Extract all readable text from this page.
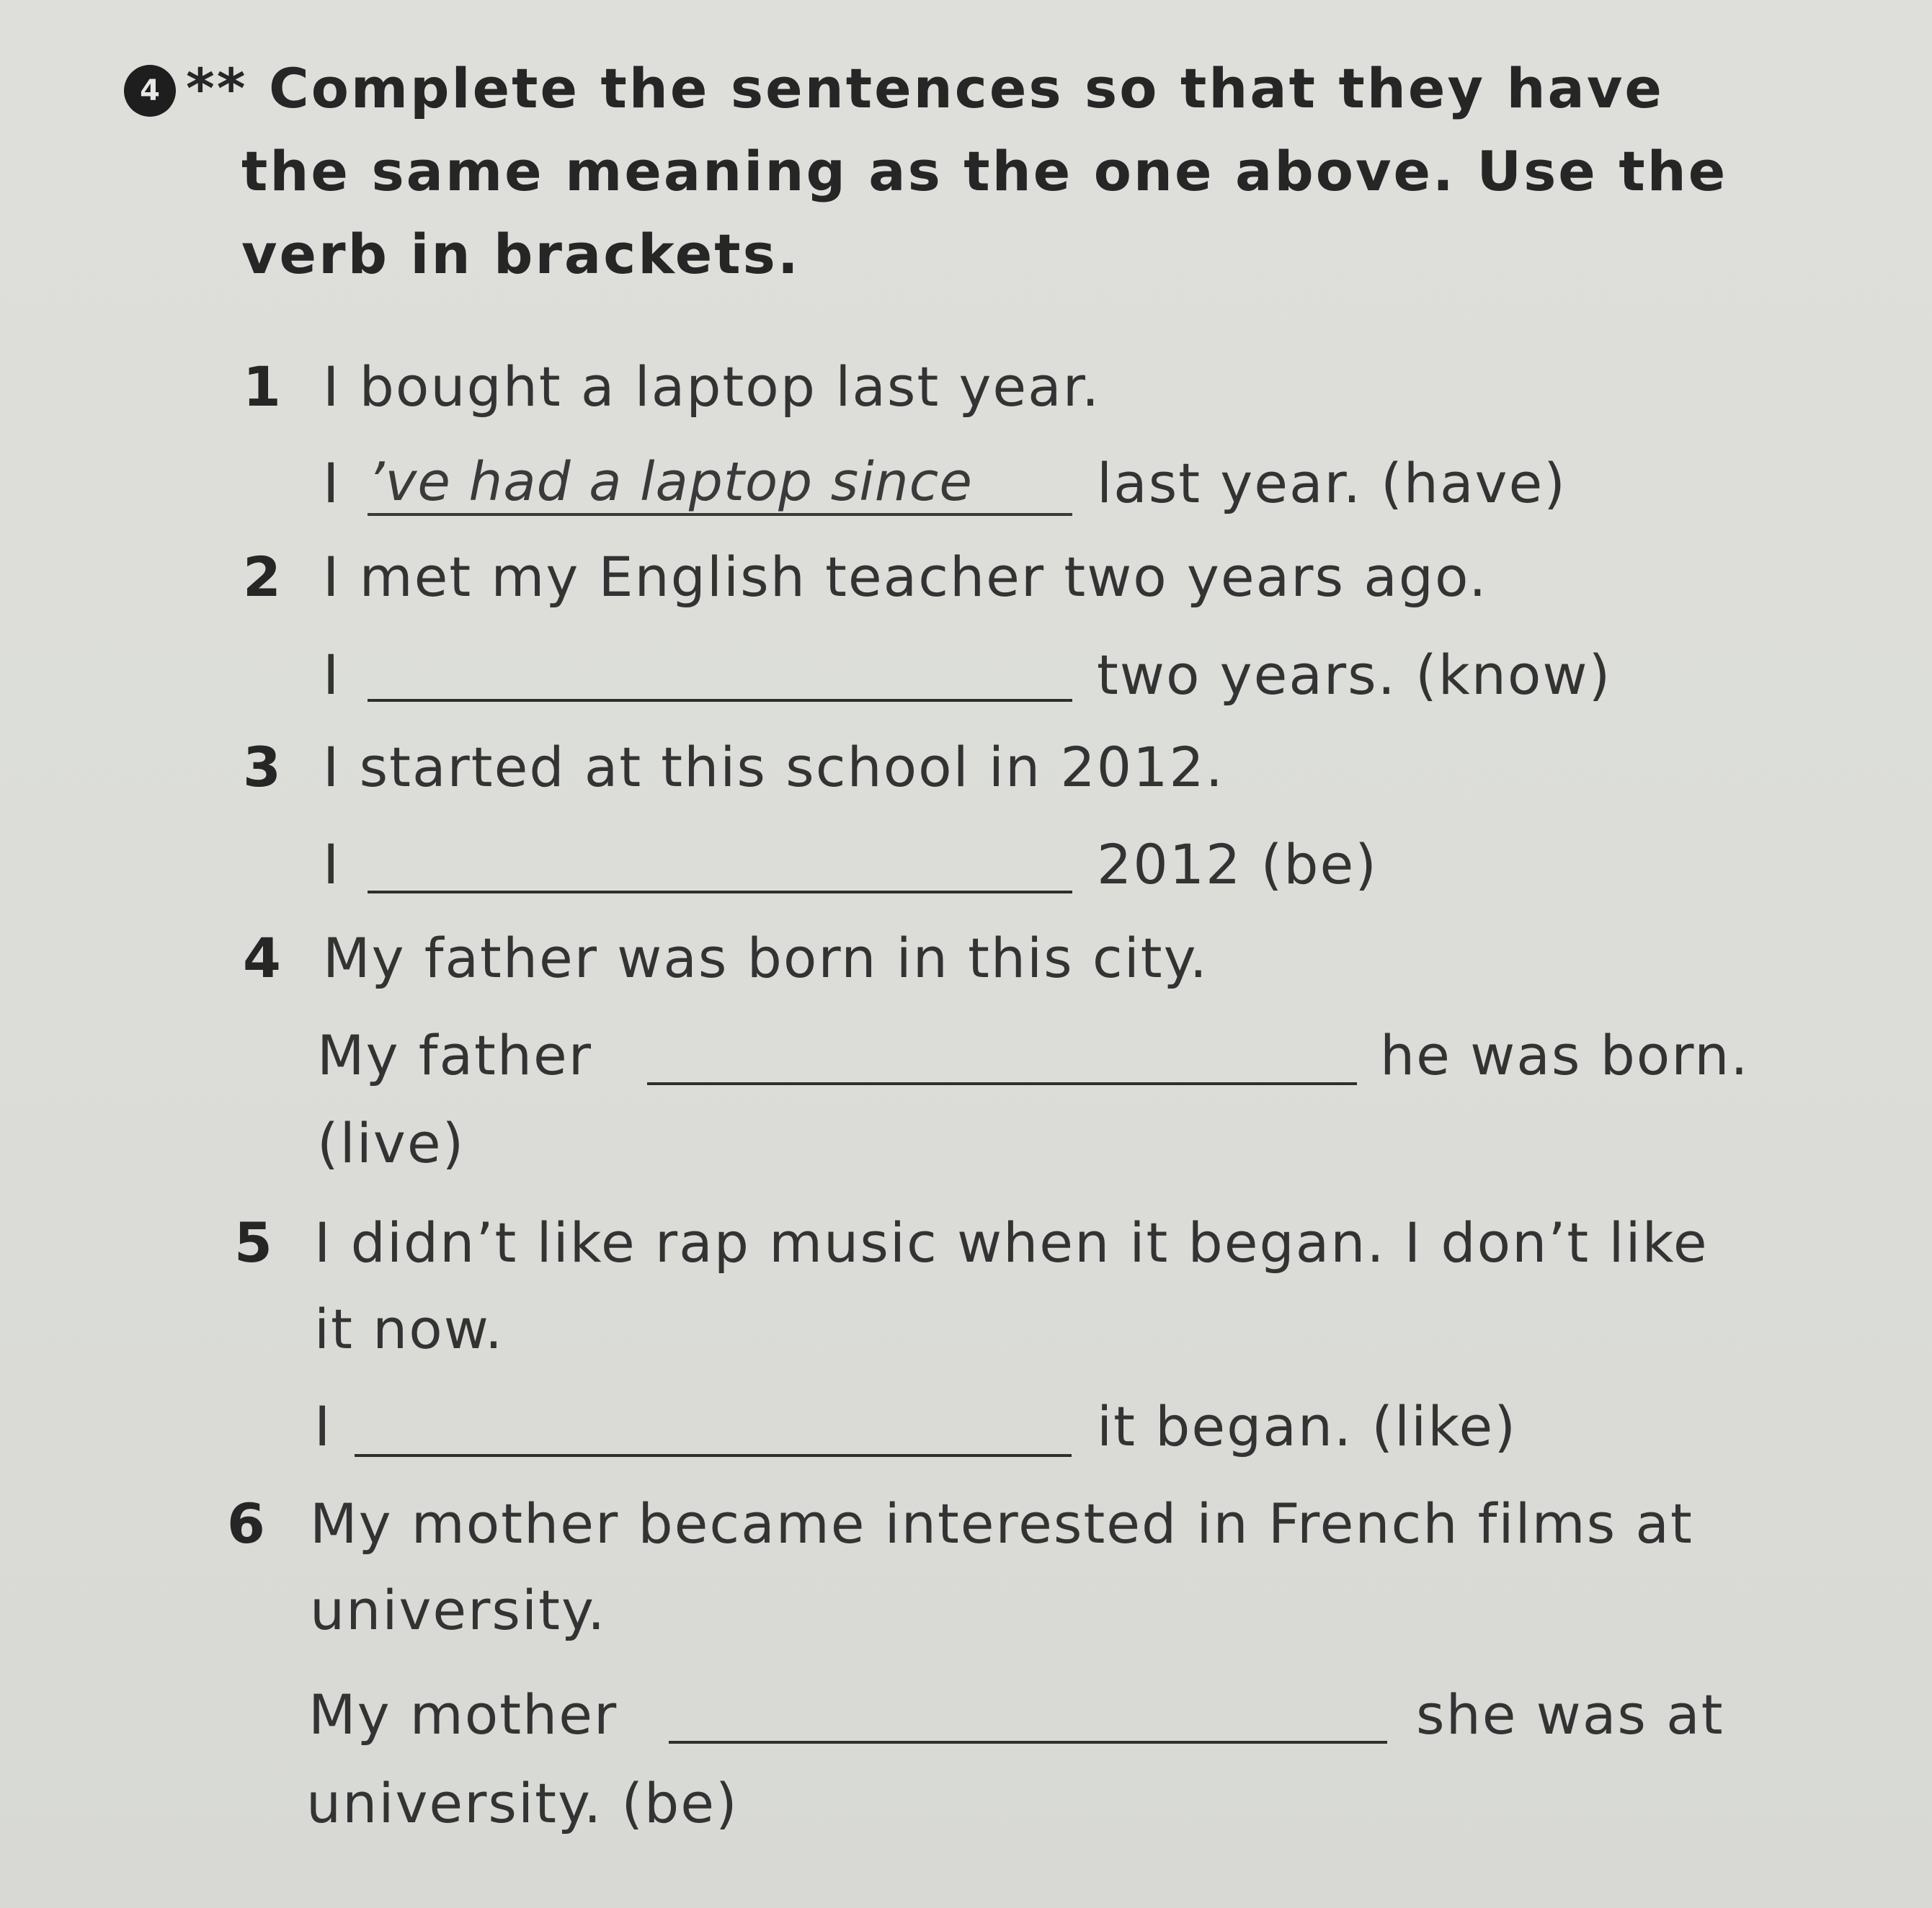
4 ** Complete the sentences so that they have
the same meaning as the one above. Use the
verb in brackets.
1 I bought a laptop last year.
I ’ve had a laptop since	last year. (have)
2 I met my English teacher two years ago.
I	two years. (know)
3 I started at this school in 2012.
I	2012 (be)
4 My father was born in this city.
My father	he was born.
(live)
5 I didn’t like rap music when it began. I don’t like
it now.
I	it began. (like)
6 My mother became interested in French films at
university.
My mother	she was at
university. (be)
